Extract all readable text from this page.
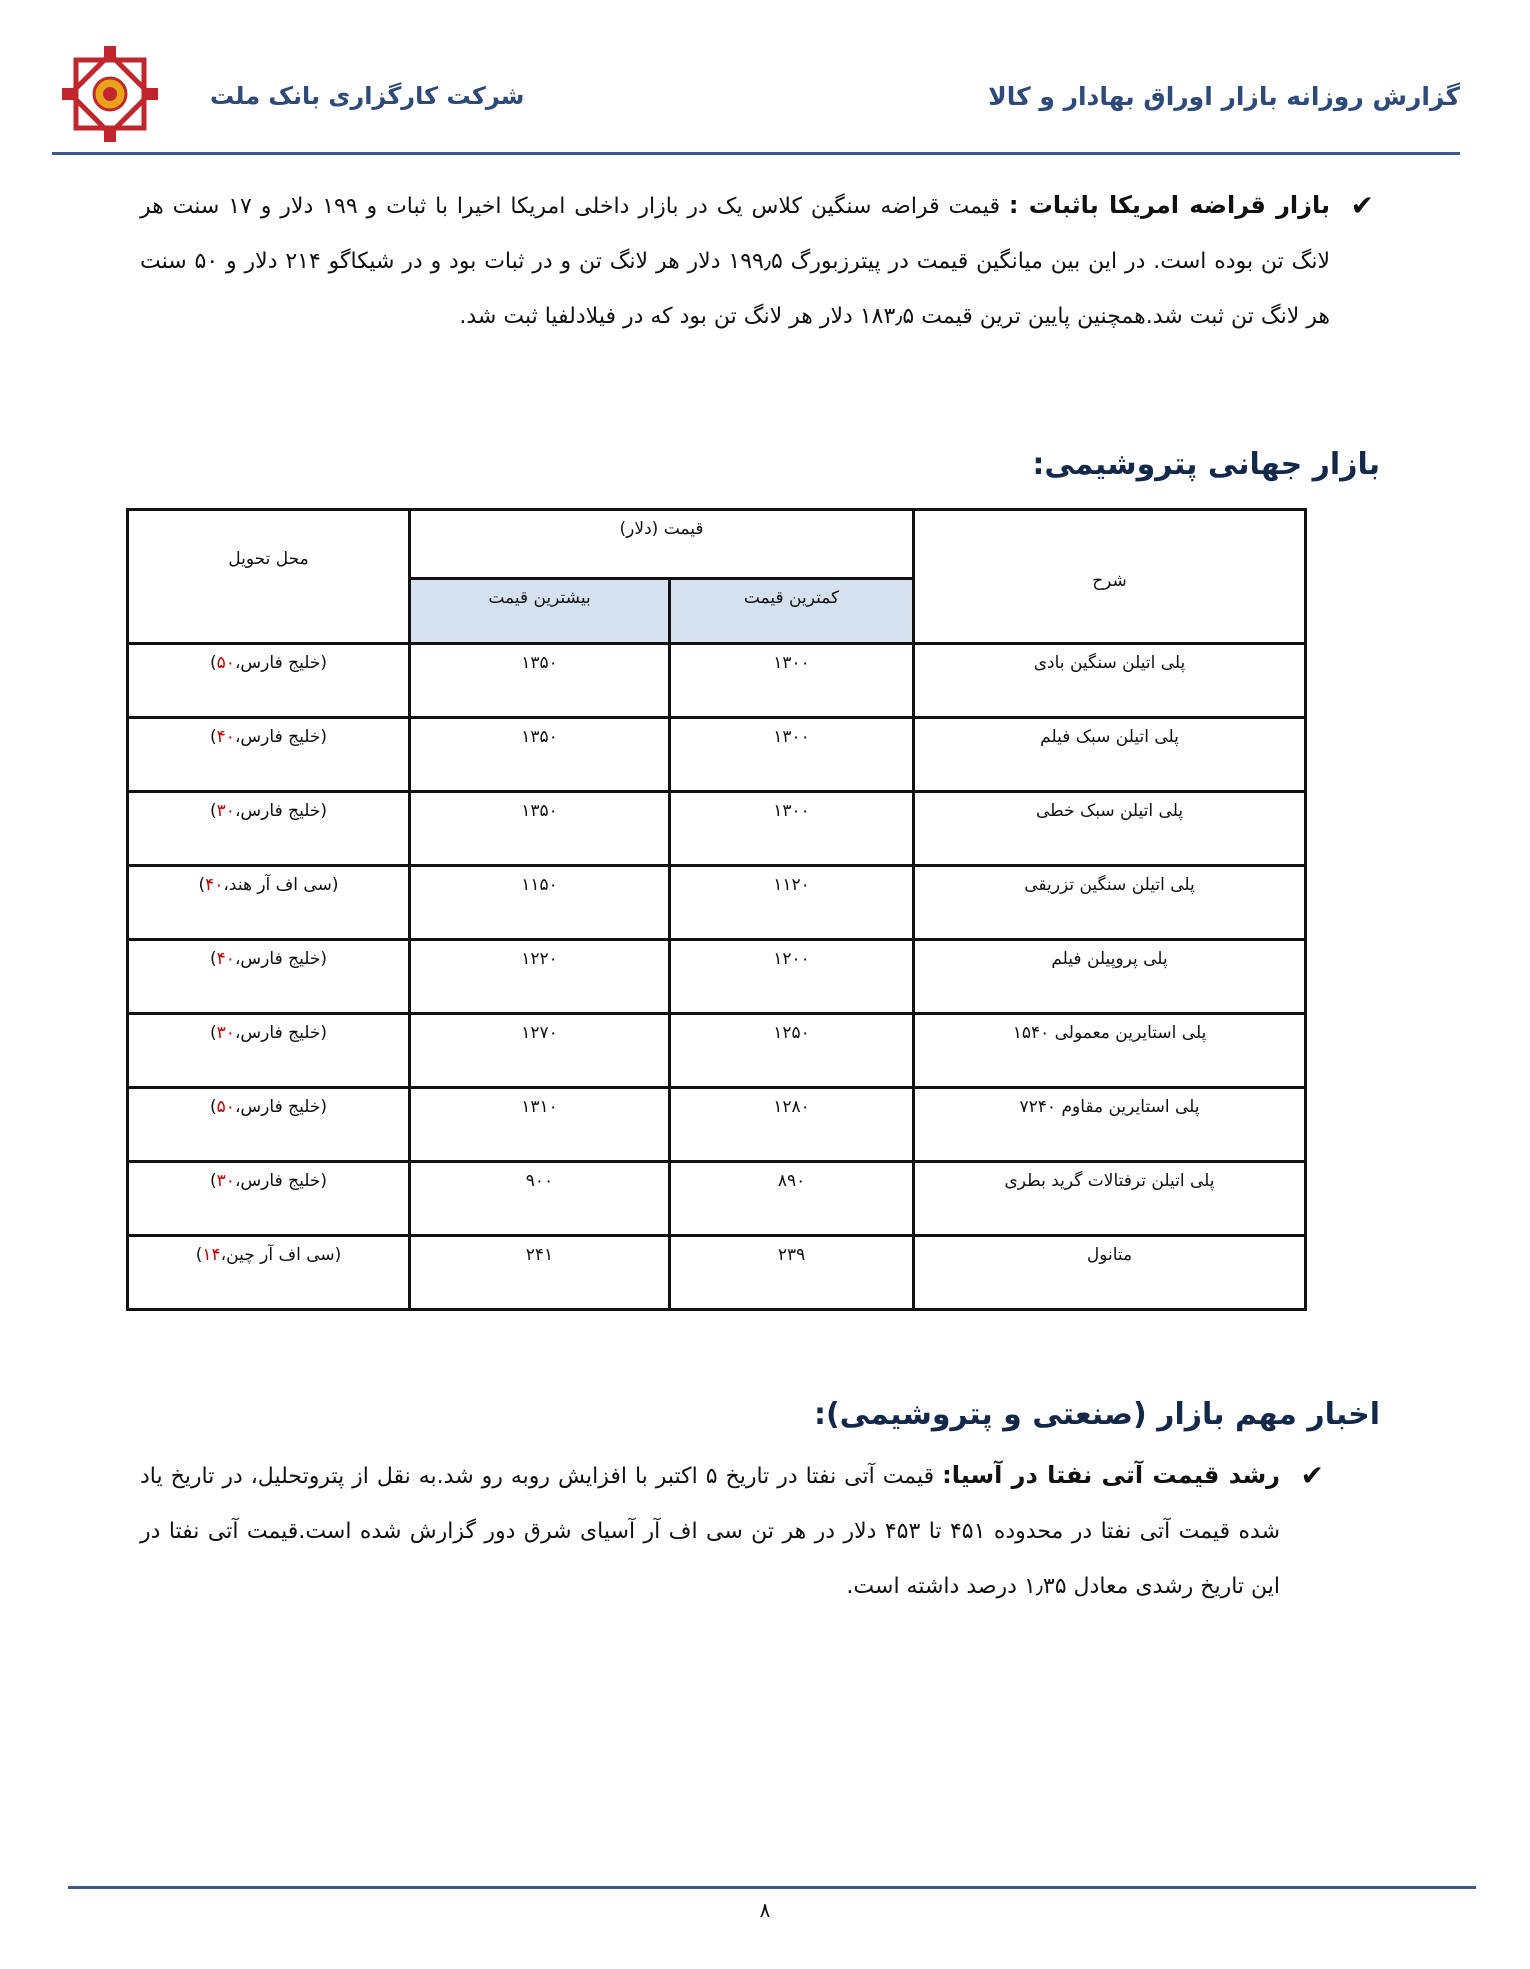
شرکت کارگزاری بانک ملت	گزارش روزانه بازار اوراق بهادار و کالا
✔
بازار قراضه امریکا باثبات : قیمت قراضه سنگین کلاس یک در بازار داخلی امریکا اخیرا با ثبات و ۱۹۹ دلار و ۱۷ سنت هر لانگ تن بوده است. در این بین میانگین قیمت در پیترزبورگ ۱۹۹٫۵ دلار هر لانگ تن و در ثبات بود و در شیکاگو ۲۱۴ دلار و ۵۰ سنت هر لانگ تن ثبت شد.همچنین پایین ترین قیمت ۱۸۳٫۵ دلار هر لانگ تن بود که در فیلادلفیا ثبت شد.
بازار جهانی پتروشیمی:
شرح	قیمت (دلار)		محل تحویل
	کمترین قیمت	بیشترین قیمت	
پلی اتیلن سنگین بادی	۱۳۰۰	۱۳۵۰	(خلیج فارس،۵۰)
پلی اتیلن سبک فیلم	۱۳۰۰	۱۳۵۰	(خلیج فارس،۴۰)
پلی اتیلن سبک خطی	۱۳۰۰	۱۳۵۰	(خلیج فارس،۳۰)
پلی اتیلن سنگین تزریقی	۱۱۲۰	۱۱۵۰	(سی اف آر هند،۴۰)
پلی پروپیلن فیلم	۱۲۰۰	۱۲۲۰	(خلیج فارس،۴۰)
پلی استایرین معمولی ۱۵۴۰	۱۲۵۰	۱۲۷۰	(خلیج فارس،۳۰)
پلی استایرین مقاوم ۷۲۴۰	۱۲۸۰	۱۳۱۰	(خلیج فارس،۵۰)
پلی اتیلن ترفتالات گرید بطری	۸۹۰	۹۰۰	(خلیج فارس،۳۰)
متانول	۲۳۹	۲۴۱	(سی اف آر چین،۱۴)
اخبار مهم بازار (صنعتی و پتروشیمی):
✔
رشد قیمت آتی نفتا در آسیا: قیمت آتی نفتا در تاریخ ۵ اکتبر با افزایش روبه رو شد.به نقل از پتروتحلیل، در تاریخ یاد شده قیمت آتی نفتا در محدوده ۴۵۱ تا ۴۵۳ دلار در هر تن سی اف آر آسیای شرق دور گزارش شده است.قیمت آتی نفتا در این تاریخ رشدی معادل ۱٫۳۵ درصد داشته است.
۸
